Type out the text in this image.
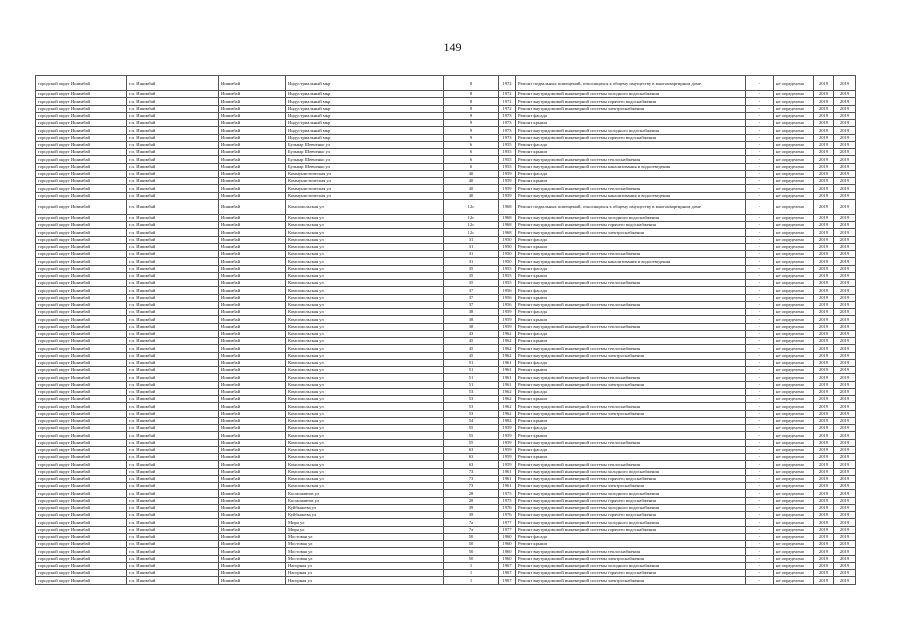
149
городской округ Ишимбай	г.п. Ишимбай	Ишимбай	Индустриальный мкр	8	1972	Ремонт подвальных помещений, относящихся к общему имуществу в многоквартирном доме	-	не определено	2019	2019
городской округ Ишимбай	г.п. Ишимбай	Ишимбай	Индустриальный мкр	8	1972	Ремонт внутридомовой инженерной системы холодного водоснабжения	-	не определено	2019	2019
городской округ Ишимбай	г.п. Ишимбай	Ишимбай	Индустриальный мкр	8	1972	Ремонт внутридомовой инженерной системы горячего водоснабжения	-	не определено	2019	2019
городской округ Ишимбай	г.п. Ишимбай	Ишимбай	Индустриальный мкр	8	1972	Ремонт внутридомовой инженерной системы электроснабжения	-	не определено	2019	2019
городской округ Ишимбай	г.п. Ишимбай	Ишимбай	Индустриальный мкр	9	1973	Ремонт фасада	-	не определено	2019	2019
городской округ Ишимбай	г.п. Ишимбай	Ишимбай	Индустриальный мкр	9	1973	Ремонт крыши	-	не определено	2019	2019
городской округ Ишимбай	г.п. Ишимбай	Ишимбай	Индустриальный мкр	9	1973	Ремонт внутридомовой инженерной системы холодного водоснабжения	-	не определено	2019	2019
городской округ Ишимбай	г.п. Ишимбай	Ишимбай	Индустриальный мкр	9	1973	Ремонт внутридомовой инженерной системы горячего водоснабжения	-	не определено	2019	2019
городской округ Ишимбай	г.п. Ишимбай	Ишимбай	Бульвар Шевченко ул	6	1955	Ремонт фасада	-	не определено	2019	2019
городской округ Ишимбай	г.п. Ишимбай	Ишимбай	Бульвар Шевченко ул	6	1955	Ремонт крыши	-	не определено	2019	2019
городской округ Ишимбай	г.п. Ишимбай	Ишимбай	Бульвар Шевченко ул	6	1955	Ремонт внутридомовой инженерной системы теплоснабжения	-	не определено	2019	2019
городской округ Ишимбай	г.п. Ишимбай	Ишимбай	Бульвар Шевченко ул	6	1955	Ремонт внутридомовой инженерной системы канализования и водоотведения	-	не определено	2019	2019
городской округ Ишимбай	г.п. Ишимбай	Ишимбай	Коммунистическая ул	40	1959	Ремонт фасада	-	не определено	2019	2019
городской округ Ишимбай	г.п. Ишимбай	Ишимбай	Коммунистическая ул	40	1959	Ремонт крыши	-	не определено	2019	2019
городской округ Ишимбай	г.п. Ишимбай	Ишимбай	Коммунистическая ул	40	1959	Ремонт внутридомовой инженерной системы теплоснабжения	-	не определено	2019	2019
городской округ Ишимбай	г.п. Ишимбай	Ишимбай	Коммунистическая ул	40	1959	Ремонт внутридомовой инженерной системы канализования и водоотведения	-	не определено	2019	2019
городской округ Ишимбай	г.п. Ишимбай	Ишимбай	Комсомольская ул	12с	1968	Ремонт подвальных помещений, относящихся к общему имуществу в многоквартирном доме	-	не определено	2019	2019
городской округ Ишимбай	г.п. Ишимбай	Ишимбай	Комсомольская ул	12с	1968	Ремонт внутридомовой инженерной системы холодного водоснабжения	-	не определено	2019	2019
городской округ Ишимбай	г.п. Ишимбай	Ишимбай	Комсомольская ул	12с	1968	Ремонт внутридомовой инженерной системы горячего водоснабжения	-	не определено	2019	2019
городской округ Ишимбай	г.п. Ишимбай	Ишимбай	Комсомольская ул	12с	1968	Ремонт внутридомовой инженерной системы электроснабжения	-	не определено	2019	2019
городской округ Ишимбай	г.п. Ишимбай	Ишимбай	Комсомольская ул	31	1950	Ремонт фасада	-	не определено	2019	2019
городской округ Ишимбай	г.п. Ишимбай	Ишимбай	Комсомольская ул	31	1950	Ремонт крыши	-	не определено	2019	2019
городской округ Ишимбай	г.п. Ишимбай	Ишимбай	Комсомольская ул	31	1950	Ремонт внутридомовой инженерной системы теплоснабжения	-	не определено	2019	2019
городской округ Ишимбай	г.п. Ишимбай	Ишимбай	Комсомольская ул	31	1950	Ремонт внутридомовой инженерной системы канализования и водоотведения	-	не определено	2019	2019
городской округ Ишимбай	г.п. Ишимбай	Ишимбай	Комсомольская ул	35	1955	Ремонт фасада	-	не определено	2019	2019
городской округ Ишимбай	г.п. Ишимбай	Ишимбай	Комсомольская ул	35	1955	Ремонт крыши	-	не определено	2019	2019
городской округ Ишимбай	г.п. Ишимбай	Ишимбай	Комсомольская ул	35	1955	Ремонт внутридомовой инженерной системы теплоснабжения	-	не определено	2019	2019
городской округ Ишимбай	г.п. Ишимбай	Ишимбай	Комсомольская ул	37	1956	Ремонт фасада	-	не определено	2019	2019
городской округ Ишимбай	г.п. Ишимбай	Ишимбай	Комсомольская ул	37	1956	Ремонт крыши	-	не определено	2019	2019
городской округ Ишимбай	г.п. Ишимбай	Ишимбай	Комсомольская ул	37	1956	Ремонт внутридомовой инженерной системы теплоснабжения	-	не определено	2019	2019
городской округ Ишимбай	г.п. Ишимбай	Ишимбай	Комсомольская ул	38	1959	Ремонт фасада	-	не определено	2019	2019
городской округ Ишимбай	г.п. Ишимбай	Ишимбай	Комсомольская ул	38	1959	Ремонт крыши	-	не определено	2019	2019
городской округ Ишимбай	г.п. Ишимбай	Ишимбай	Комсомольская ул	38	1959	Ремонт внутридомовой инженерной системы теплоснабжения	-	не определено	2019	2019
городской округ Ишимбай	г.п. Ишимбай	Ишимбай	Комсомольская ул	43	1962	Ремонт фасада	-	не определено	2019	2019
городской округ Ишимбай	г.п. Ишимбай	Ишимбай	Комсомольская ул	45	1962	Ремонт крыши	-	не определено	2019	2019
городской округ Ишимбай	г.п. Ишимбай	Ишимбай	Комсомольская ул	45	1962	Ремонт внутридомовой инженерной системы теплоснабжения	-	не определено	2019	2019
городской округ Ишимбай	г.п. Ишимбай	Ишимбай	Комсомольская ул	45	1962	Ремонт внутридомовой инженерной системы электроснабжения	-	не определено	2019	2019
городской округ Ишимбай	г.п. Ишимбай	Ишимбай	Комсомольская ул	51	1961	Ремонт фасада	-	не определено	2019	2019
городской округ Ишимбай	г.п. Ишимбай	Ишимбай	Комсомольская ул	51	1961	Ремонт крыши	-	не определено	2019	2019
городской округ Ишимбай	г.п. Ишимбай	Ишимбай	Комсомольская ул	51	1961	Ремонт внутридомовой инженерной системы теплоснабжения	-	не определено	2019	2019
городской округ Ишимбай	г.п. Ишимбай	Ишимбай	Комсомольская ул	51	1961	Ремонт внутридомовой инженерной системы электроснабжения	-	не определено	2019	2019
городской округ Ишимбай	г.п. Ишимбай	Ишимбай	Комсомольская ул	53	1962	Ремонт фасада	-	не определено	2019	2019
городской округ Ишимбай	г.п. Ишимбай	Ишимбай	Комсомольская ул	53	1962	Ремонт крыши	-	не определено	2019	2019
городской округ Ишимбай	г.п. Ишимбай	Ишимбай	Комсомольская ул	53	1962	Ремонт внутридомовой инженерной системы теплоснабжения	-	не определено	2019	2019
городской округ Ишимбай	г.п. Ишимбай	Ишимбай	Комсомольская ул	53	1962	Ремонт внутридомовой инженерной системы электроснабжения	-	не определено	2019	2019
городской округ Ишимбай	г.п. Ишимбай	Ишимбай	Комсомольская ул	54	1982	Ремонт крыши	-	не определено	2019	2019
городской округ Ишимбай	г.п. Ишимбай	Ишимбай	Комсомольская ул	55	1959	Ремонт фасада	-	не определено	2019	2019
городской округ Ишимбай	г.п. Ишимбай	Ишимбай	Комсомольская ул	55	1959	Ремонт крыши	-	не определено	2019	2019
городской округ Ишимбай	г.п. Ишимбай	Ишимбай	Комсомольская ул	55	1959	Ремонт внутридомовой инженерной системы теплоснабжения	-	не определено	2019	2019
городской округ Ишимбай	г.п. Ишимбай	Ишимбай	Комсомольская ул	63	1959	Ремонт фасада	-	не определено	2019	2019
городской округ Ишимбай	г.п. Ишимбай	Ишимбай	Комсомольская ул	63	1959	Ремонт крыши	-	не определено	2019	2019
городской округ Ишимбай	г.п. Ишимбай	Ишимбай	Комсомольская ул	63	1959	Ремонт внутридомовой инженерной системы теплоснабжения	-	не определено	2019	2019
городской округ Ишимбай	г.п. Ишимбай	Ишимбай	Комсомольская ул	73	1961	Ремонт внутридомовой инженерной системы холодного водоснабжения	-	не определено	2019	2019
городской округ Ишимбай	г.п. Ишимбай	Ишимбай	Комсомольская ул	73	1961	Ремонт внутридомовой инженерной системы горячего водоснабжения	-	не определено	2019	2019
городской округ Ишимбай	г.п. Ишимбай	Ишимбай	Комсомольская ул	73	1961	Ремонт внутридомовой инженерной системы электроснабжения	-	не определено	2019	2019
городской округ Ишимбай	г.п. Ишимбай	Ишимбай	Космонавтов ул	28	1975	Ремонт внутридомовой инженерной системы холодного водоснабжения	-	не определено	2019	2019
городской округ Ишимбай	г.п. Ишимбай	Ишимбай	Космонавтов ул	28	1975	Ремонт внутридомовой инженерной системы горячего водоснабжения	-	не определено	2019	2019
городской округ Ишимбай	г.п. Ишимбай	Ишимбай	Куйбышева ул	39	1976	Ремонт внутридомовой инженерной системы холодного водоснабжения	-	не определено	2019	2019
городской округ Ишимбай	г.п. Ишимбай	Ишимбай	Куйбышева ул	39	1976	Ремонт внутридомовой инженерной системы горячего водоснабжения	-	не определено	2019	2019
городской округ Ишимбай	г.п. Ишимбай	Ишимбай	Мира ул	7а	1977	Ремонт внутридомовой инженерной системы холодного водоснабжения	-	не определено	2019	2019
городской округ Ишимбай	г.п. Ишимбай	Ишимбай	Мира ул	7а	1977	Ремонт внутридомовой инженерной системы горячего водоснабжения	-	не определено	2019	2019
городской округ Ишимбай	г.п. Ишимбай	Ишимбай	Мостовая ул	50	1960	Ремонт фасада	-	не определено	2019	2019
городской округ Ишимбай	г.п. Ишимбай	Ишимбай	Мостовая ул	50	1960	Ремонт крыши	-	не определено	2019	2019
городской округ Ишимбай	г.п. Ишимбай	Ишимбай	Мостовая ул	50	1960	Ремонт внутридомовой инженерной системы теплоснабжения	-	не определено	2019	2019
городской округ Ишимбай	г.п. Ишимбай	Ишимбай	Мостовая ул	50	1960	Ремонт внутридомовой инженерной системы электроснабжения	-	не определено	2019	2019
городской округ Ишимбай	г.п. Ишимбай	Ишимбай	Нагорная ул	1	1967	Ремонт внутридомовой инженерной системы холодного водоснабжения	-	не определено	2019	2019
городской округ Ишимбай	г.п. Ишимбай	Ишимбай	Нагорная ул	1	1967	Ремонт внутридомовой инженерной системы горячего водоснабжения	-	не определено	2019	2019
городской округ Ишимбай	г.п. Ишимбай	Ишимбай	Нагорная ул	1	1967	Ремонт внутридомовой инженерной системы электроснабжения	-	не определено	2019	2019
